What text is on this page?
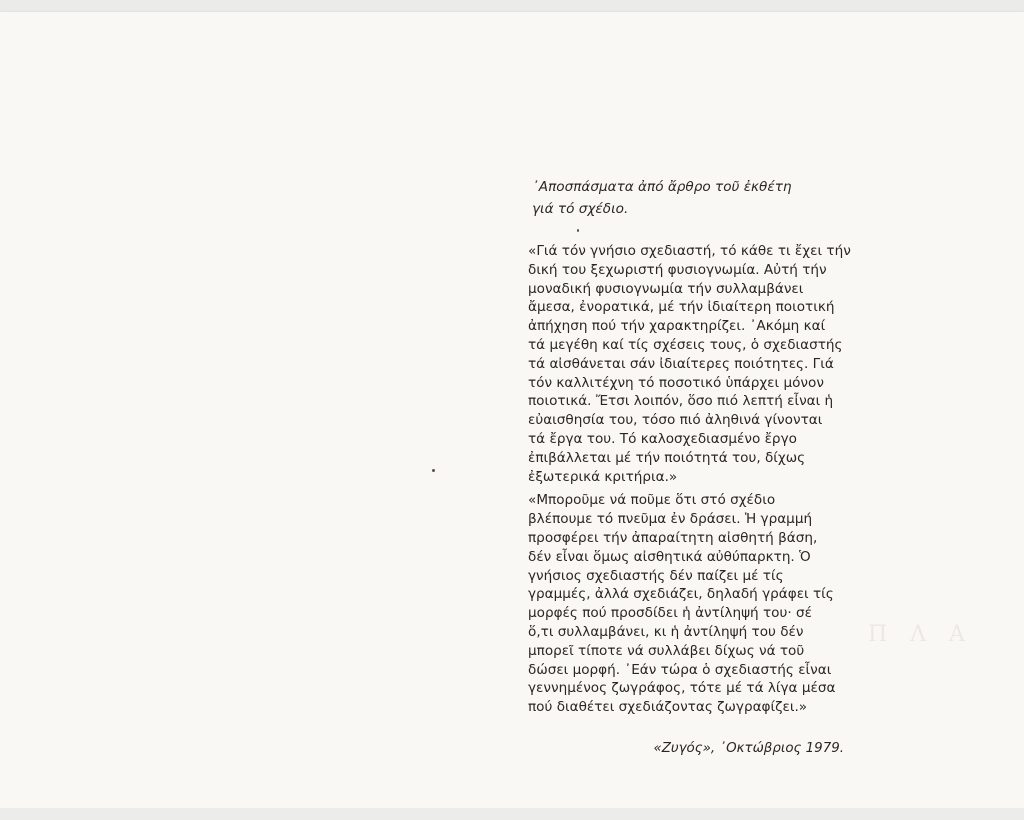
Π Λ Α
᾿Αποσπάσματα ἀπό ἄρθρο τοῦ ἐκθέτη
γιά τό σχέδιο.

«Γιά τόν γνήσιο σχεδιαστή, τό κάθε τι ἔχει τήν
δική του ξεχωριστή φυσιογνωμία. Αὐτή τήν
μοναδική φυσιογνωμία τήν συλλαμβάνει
ἄμεσα, ἐνορατικά, μέ τήν ἰδιαίτερη ποιοτική
ἀπήχηση πού τήν χαρακτηρίζει. ᾿Ακόμη καί
τά μεγέθη καί τίς σχέσεις τους, ὁ σχεδιαστής
τά αἰσθάνεται σάν ἰδιαίτερες ποιότητες. Γιά
τόν καλλιτέχνη τό ποσοτικό ὑπάρχει μόνον
ποιοτικά. Ἔτσι λοιπόν, ὅσο πιό λεπτή εἶναι ἡ
εὐαισθησία του, τόσο πιό ἀληθινά γίνονται
τά ἔργα του. Τό καλοσχεδιασμένο ἔργο
ἐπιβάλλεται μέ τήν ποιότητά του, δίχως
ἐξωτερικά κριτήρια.»

«Μποροῦμε νά ποῦμε ὅτι στό σχέδιο
βλέπουμε τό πνεῦμα ἐν δράσει. Ἡ γραμμή
προσφέρει τήν ἀπαραίτητη αἰσθητή βάση,
δέν εἶναι ὅμως αἰσθητικά αὐθύπαρκτη. Ὁ
γνήσιος σχεδιαστής δέν παίζει μέ τίς
γραμμές, ἀλλά σχεδιάζει, δηλαδή γράφει τίς
μορφές πού προσδίδει ἡ ἀντίληψή του· σέ
ὅ,τι συλλαμβάνει, κι ἡ ἀντίληψή του δέν
μπορεῖ τίποτε νά συλλάβει δίχως νά τοῦ
δώσει μορφή. ᾿Εάν τώρα ὁ σχεδιαστής εἶναι
γεννημένος ζωγράφος, τότε μέ τά λίγα μέσα
πού διαθέτει σχεδιάζοντας ζωγραφίζει.»

«Ζυγός», ᾿Οκτώβριος 1979.
